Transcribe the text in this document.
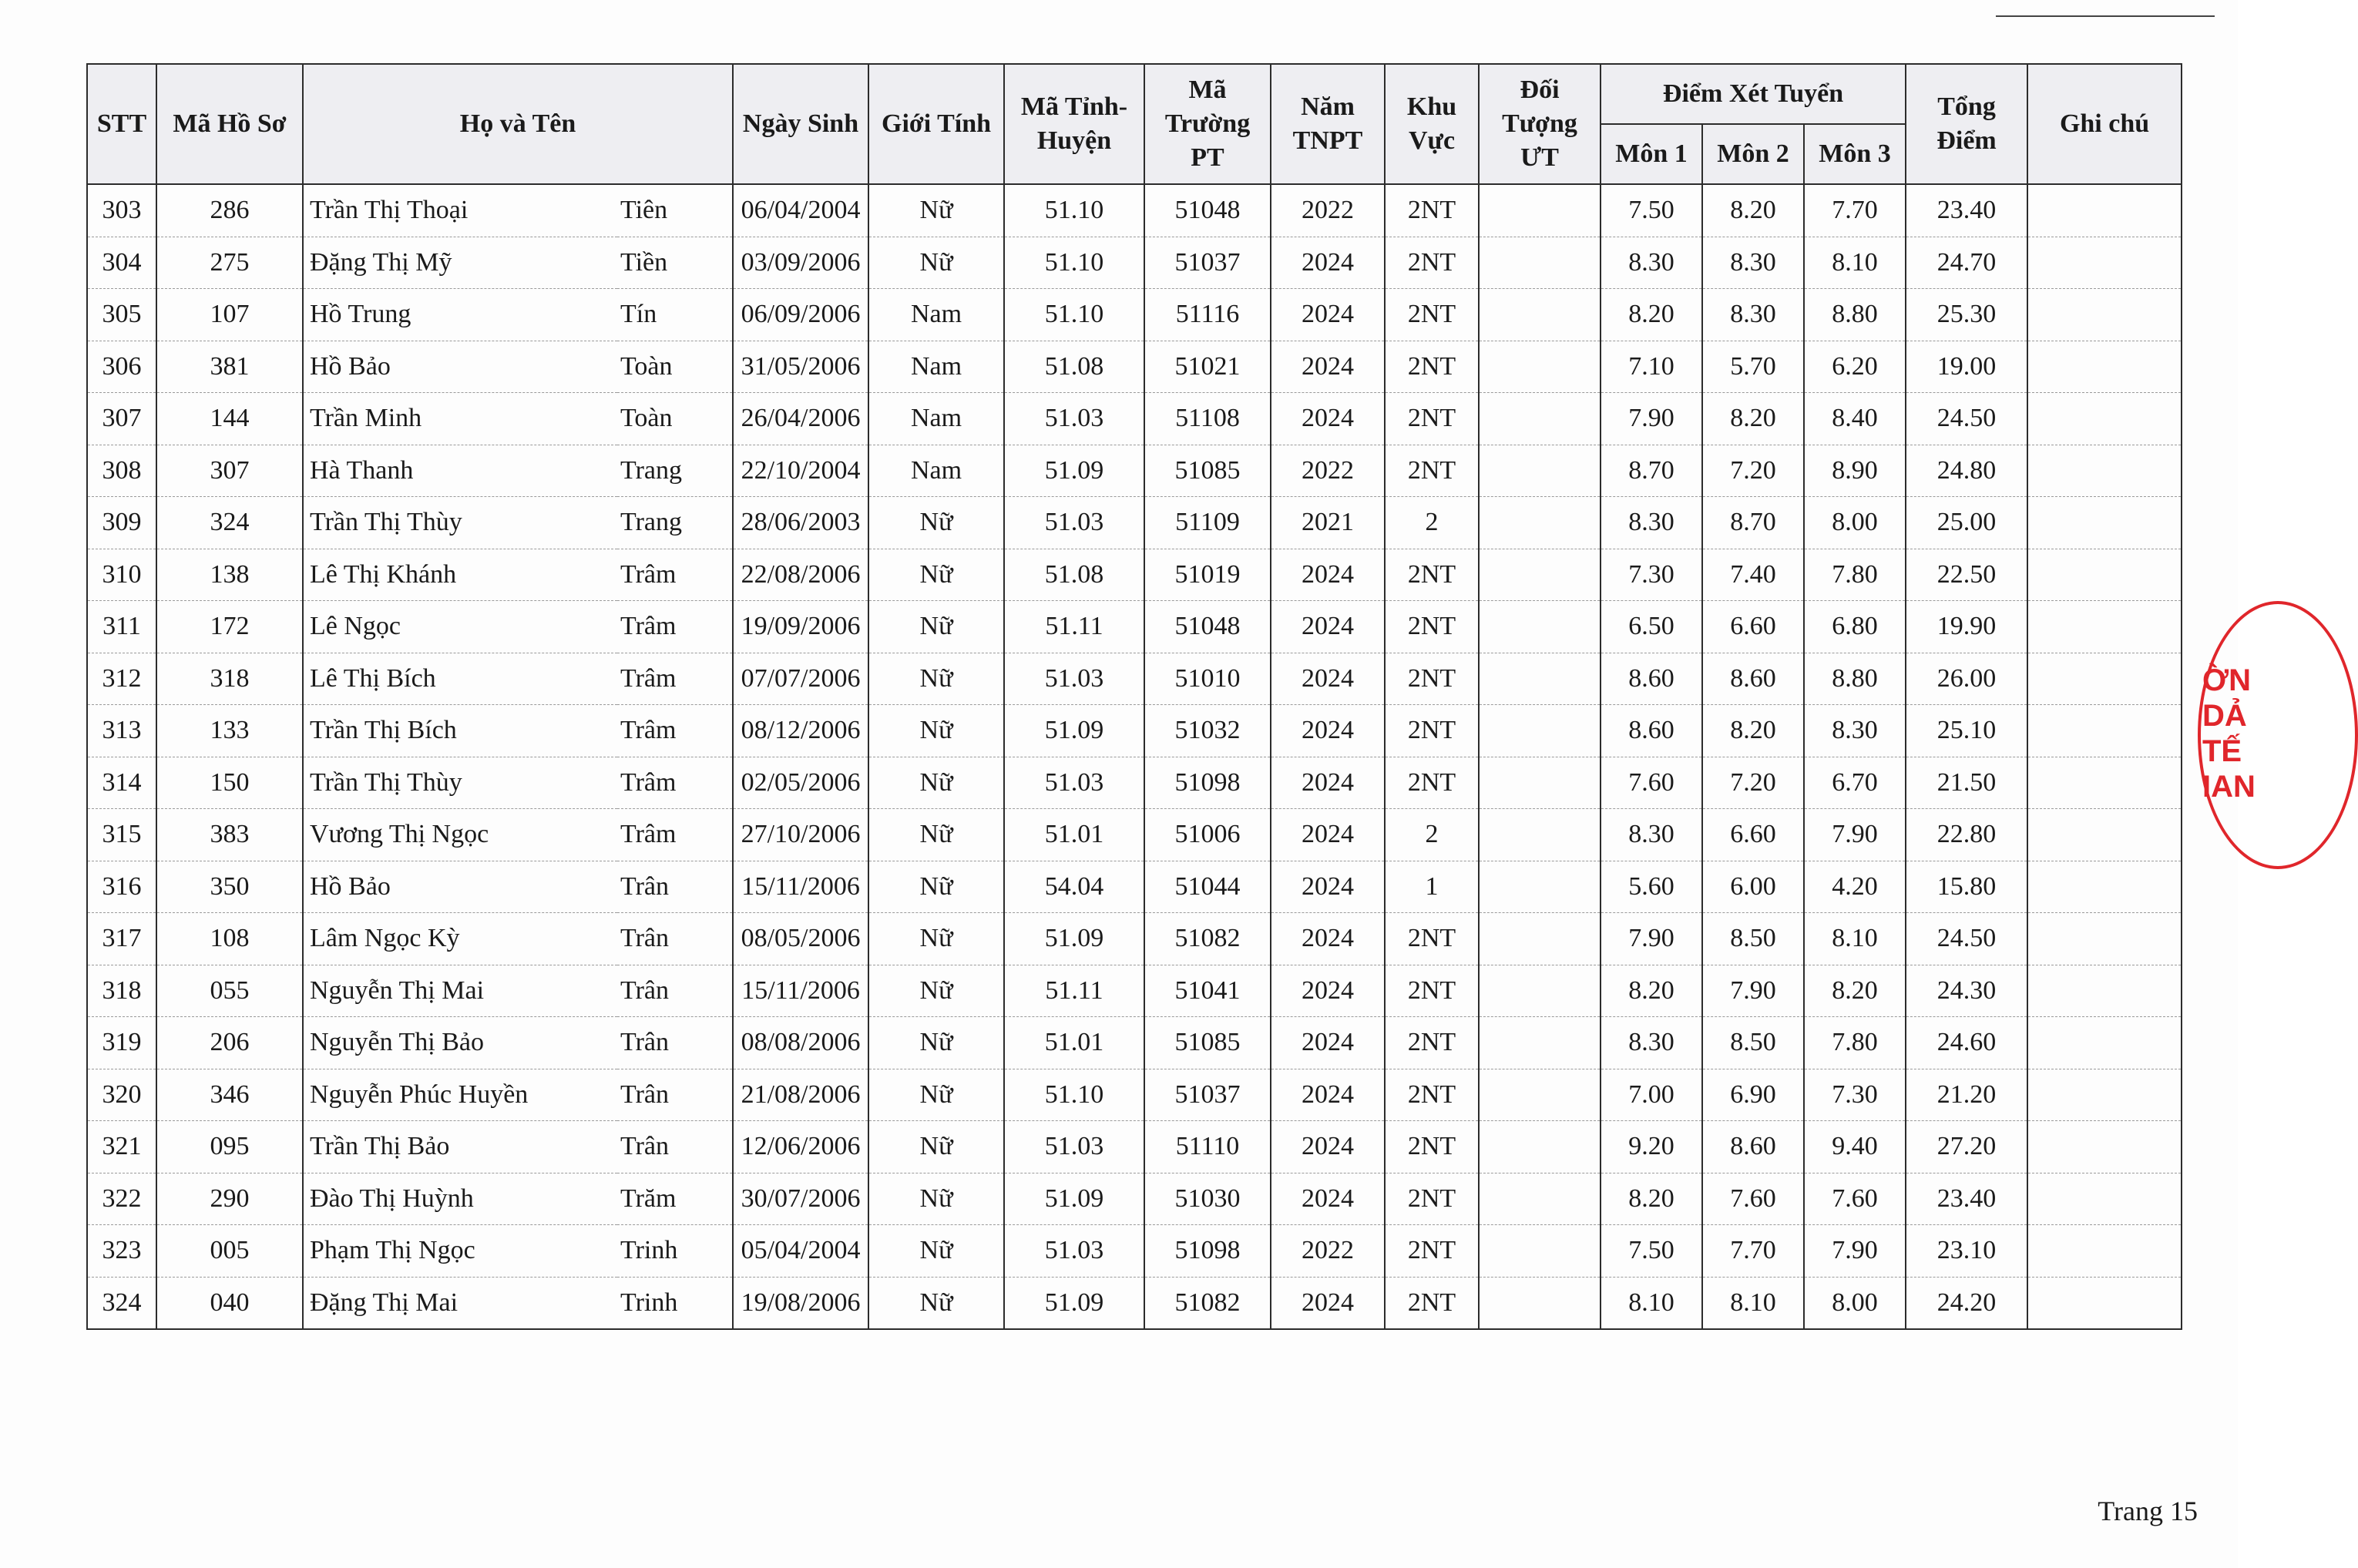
STT	Mã Hồ Sơ	Họ và Tên		Ngày Sinh	Giới Tính	Mã Tỉnh-Huyện	Mã Trường PT	Năm TNPT	Khu Vực	Đối Tượng ƯT	Điểm Xét Tuyển			Tổng Điểm	Ghi chú
											Môn 1	Môn 2	Môn 3		
303	286	Trần Thị Thoại	Tiên	06/04/2004	Nữ	51.10	51048	2022	2NT		7.50	8.20	7.70	23.40	
304	275	Đặng Thị Mỹ	Tiền	03/09/2006	Nữ	51.10	51037	2024	2NT		8.30	8.30	8.10	24.70	
305	107	Hồ Trung	Tín	06/09/2006	Nam	51.10	51116	2024	2NT		8.20	8.30	8.80	25.30	
306	381	Hồ Bảo	Toàn	31/05/2006	Nam	51.08	51021	2024	2NT		7.10	5.70	6.20	19.00	
307	144	Trần Minh	Toàn	26/04/2006	Nam	51.03	51108	2024	2NT		7.90	8.20	8.40	24.50	
308	307	Hà Thanh	Trang	22/10/2004	Nam	51.09	51085	2022	2NT		8.70	7.20	8.90	24.80	
309	324	Trần Thị Thùy	Trang	28/06/2003	Nữ	51.03	51109	2021	2		8.30	8.70	8.00	25.00	
310	138	Lê Thị Khánh	Trâm	22/08/2006	Nữ	51.08	51019	2024	2NT		7.30	7.40	7.80	22.50	
311	172	Lê Ngọc	Trâm	19/09/2006	Nữ	51.11	51048	2024	2NT		6.50	6.60	6.80	19.90	
312	318	Lê Thị Bích	Trâm	07/07/2006	Nữ	51.03	51010	2024	2NT		8.60	8.60	8.80	26.00	
313	133	Trần Thị Bích	Trâm	08/12/2006	Nữ	51.09	51032	2024	2NT		8.60	8.20	8.30	25.10	
314	150	Trần Thị Thùy	Trâm	02/05/2006	Nữ	51.03	51098	2024	2NT		7.60	7.20	6.70	21.50	
315	383	Vương Thị Ngọc	Trâm	27/10/2006	Nữ	51.01	51006	2024	2		8.30	6.60	7.90	22.80	
316	350	Hồ Bảo	Trân	15/11/2006	Nữ	54.04	51044	2024	1		5.60	6.00	4.20	15.80	
317	108	Lâm Ngọc Kỳ	Trân	08/05/2006	Nữ	51.09	51082	2024	2NT		7.90	8.50	8.10	24.50	
318	055	Nguyễn Thị Mai	Trân	15/11/2006	Nữ	51.11	51041	2024	2NT		8.20	7.90	8.20	24.30	
319	206	Nguyễn Thị Bảo	Trân	08/08/2006	Nữ	51.01	51085	2024	2NT		8.30	8.50	7.80	24.60	
320	346	Nguyễn Phúc Huyền	Trân	21/08/2006	Nữ	51.10	51037	2024	2NT		7.00	6.90	7.30	21.20	
321	095	Trần Thị Bảo	Trân	12/06/2006	Nữ	51.03	51110	2024	2NT		9.20	8.60	9.40	27.20	
322	290	Đào Thị Huỳnh	Trăm	30/07/2006	Nữ	51.09	51030	2024	2NT		8.20	7.60	7.60	23.40	
323	005	Phạm Thị Ngọc	Trinh	05/04/2004	Nữ	51.03	51098	2022	2NT		7.50	7.70	7.90	23.10	
324	040	Đặng Thị Mai	Trinh	19/08/2006	Nữ	51.09	51082	2024	2NT		8.10	8.10	8.00	24.20	
ỜN
DẢ
TẾ
IAN
Trang 15
